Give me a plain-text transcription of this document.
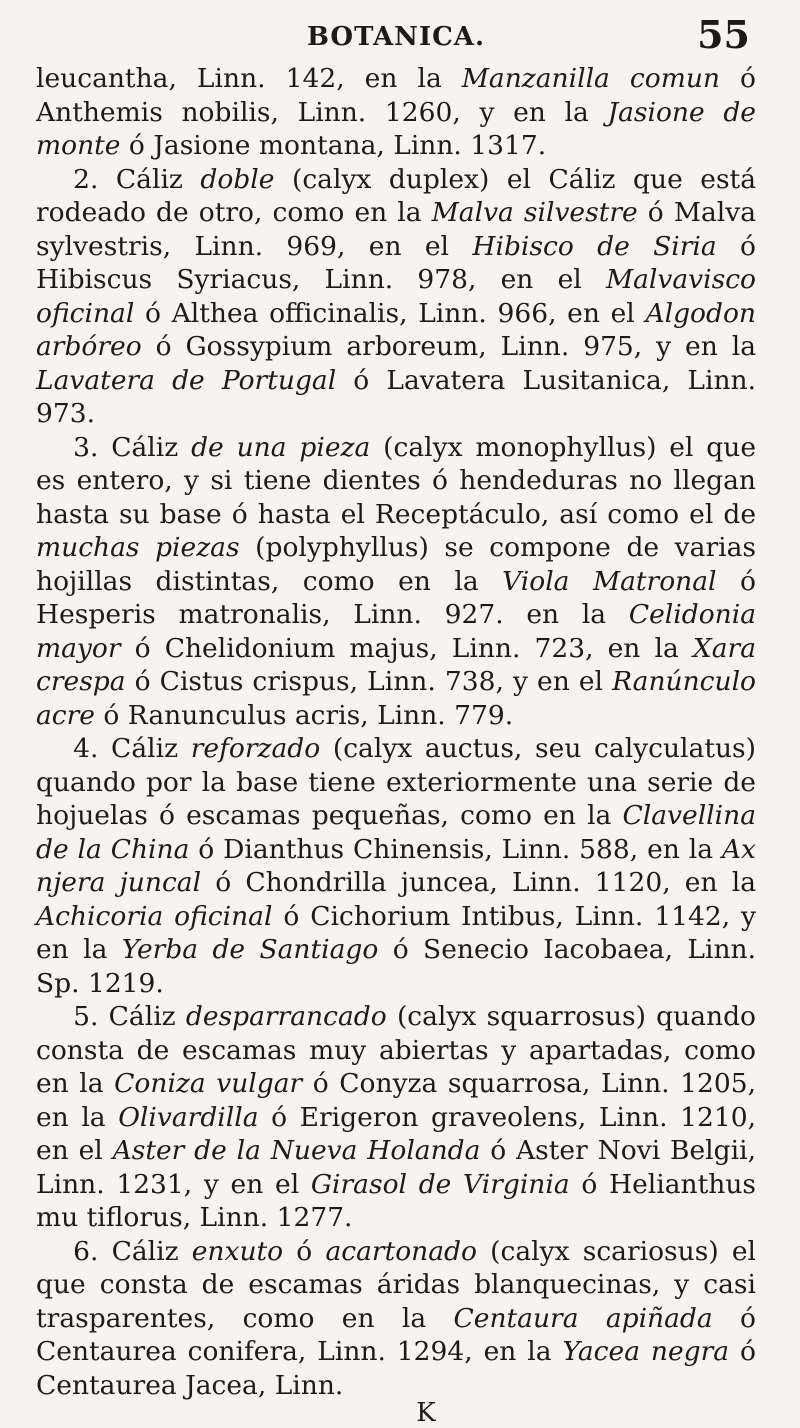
BOTANICA.	55

leucantha, Linn. 142, en la Manzanilla comun ó Anthemis nobilis, Linn. 1260, y en la Jasione de monte ó Jasione montana, Linn. 1317.

2. Cáliz doble (calyx duplex) el Cáliz que está rodeado de otro, como en la Malva silvestre ó Malva sylvestris, Linn. 969, en el Hibisco de Siria ó Hibiscus Syriacus, Linn. 978, en el Malvavisco oficinal ó Althea officinalis, Linn. 966, en el Algodon arbóreo ó Gossypium arboreum, Linn. 975, y en la Lavatera de Portugal ó Lavatera Lusitanica, Linn. 973.

3. Cáliz de una pieza (calyx monophyllus) el que es entero, y si tiene dientes ó hendeduras no llegan hasta su base ó hasta el Receptáculo, así como el de muchas piezas (polyphyllus) se compone de varias hojillas distintas, como en la Viola Matronal ó Hesperis matronalis, Linn. 927. en la Celidonia mayor ó Chelidonium majus, Linn. 723, en la Xara crespa ó Cistus crispus, Linn. 738, y en el Ranúnculo acre ó Ranunculus acris, Linn. 779.

4. Cáliz reforzado (calyx auctus, seu calyculatus) quando por la base tiene exteriormente una serie de hojuelas ó escamas pequeñas, como en la Clavellina de la China ó Dianthus Chinensis, Linn. 588, en la Ax njera juncal ó Chondrilla juncea, Linn. 1120, en la Achicoria oficinal ó Cichorium Intibus, Linn. 1142, y en la Yerba de Santiago ó Senecio Iacobaea, Linn. Sp. 1219.

5. Cáliz desparrancado (calyx squarrosus) quando consta de escamas muy abiertas y apartadas, como en la Coniza vulgar ó Conyza squarrosa, Linn. 1205, en la Olivardilla ó Erigeron graveolens, Linn. 1210, en el Aster de la Nueva Holanda ó Aster Novi Belgii, Linn. 1231, y en el Girasol de Virginia ó Helianthus mu tiflorus, Linn. 1277.

6. Cáliz enxuto ó acartonado (calyx scariosus) el que consta de escamas áridas blanquecinas, y casi trasparentes, como en la Centaura apiñada ó Centaurea conifera, Linn. 1294, en la Yacea negra ó Centaurea Jacea, Linn.

K
